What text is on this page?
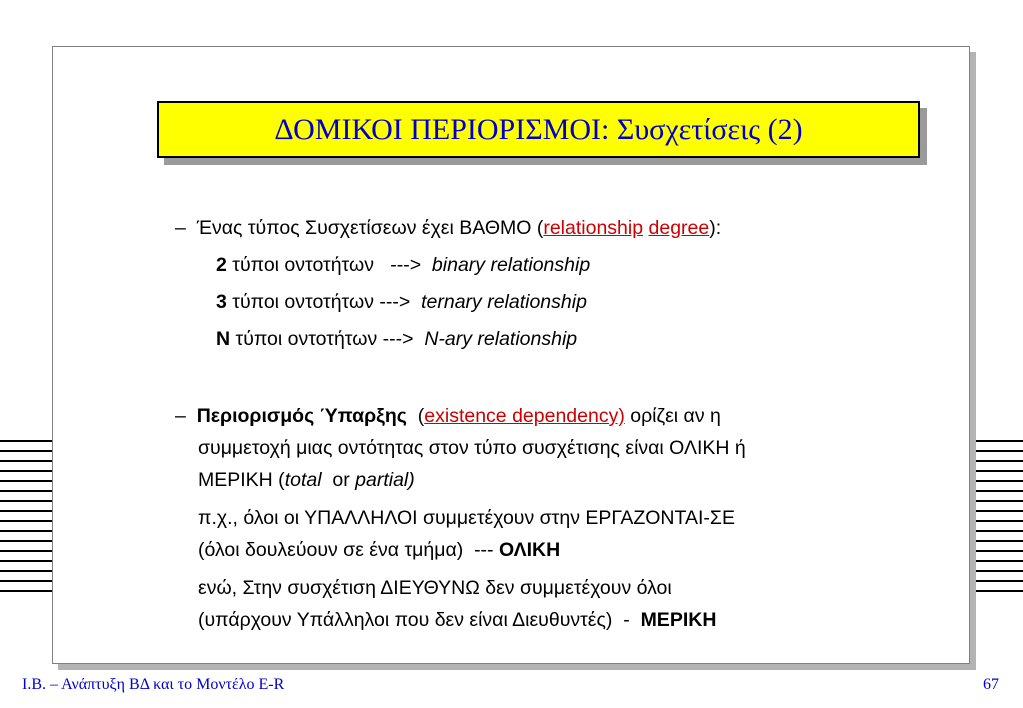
ΔΟΜΙΚΟΙ ΠΕΡΙΟΡΙΣΜΟΙ: Συσχετίσεις (2)
– Ένας τύπος Συσχετίσεων έχει ΒΑΘΜΟ (relationship degree):
2 τύποι οντοτήτων   --->  binary relationship
3 τύποι οντοτήτων --->  ternary relationship
N τύποι οντοτήτων --->  N-ary relationship
– Περιορισμός Ύπαρξης  (existence dependency) ορίζει αν η
συμμετοχή μιας οντότητας στον τύπο συσχέτισης είναι ΟΛΙΚΗ ή
ΜΕΡΙΚΗ (total  or partial)
π.χ., όλοι οι ΥΠΑΛΛΗΛΟΙ συμμετέχουν στην ΕΡΓΑΖΟΝΤΑΙ-ΣΕ
(όλοι δουλεύουν σε ένα τμήμα)  --- ΟΛΙΚΗ
ενώ, Στην συσχέτιση ΔΙΕΥΘΥΝΩ δεν συμμετέχουν όλοι
(υπάρχουν Υπάλληλοι που δεν είναι Διευθυντές)  -  ΜΕΡΙΚΗ
Ι.Β. – Ανάπτυξη ΒΔ και το Μοντέλο Ε-R	67
